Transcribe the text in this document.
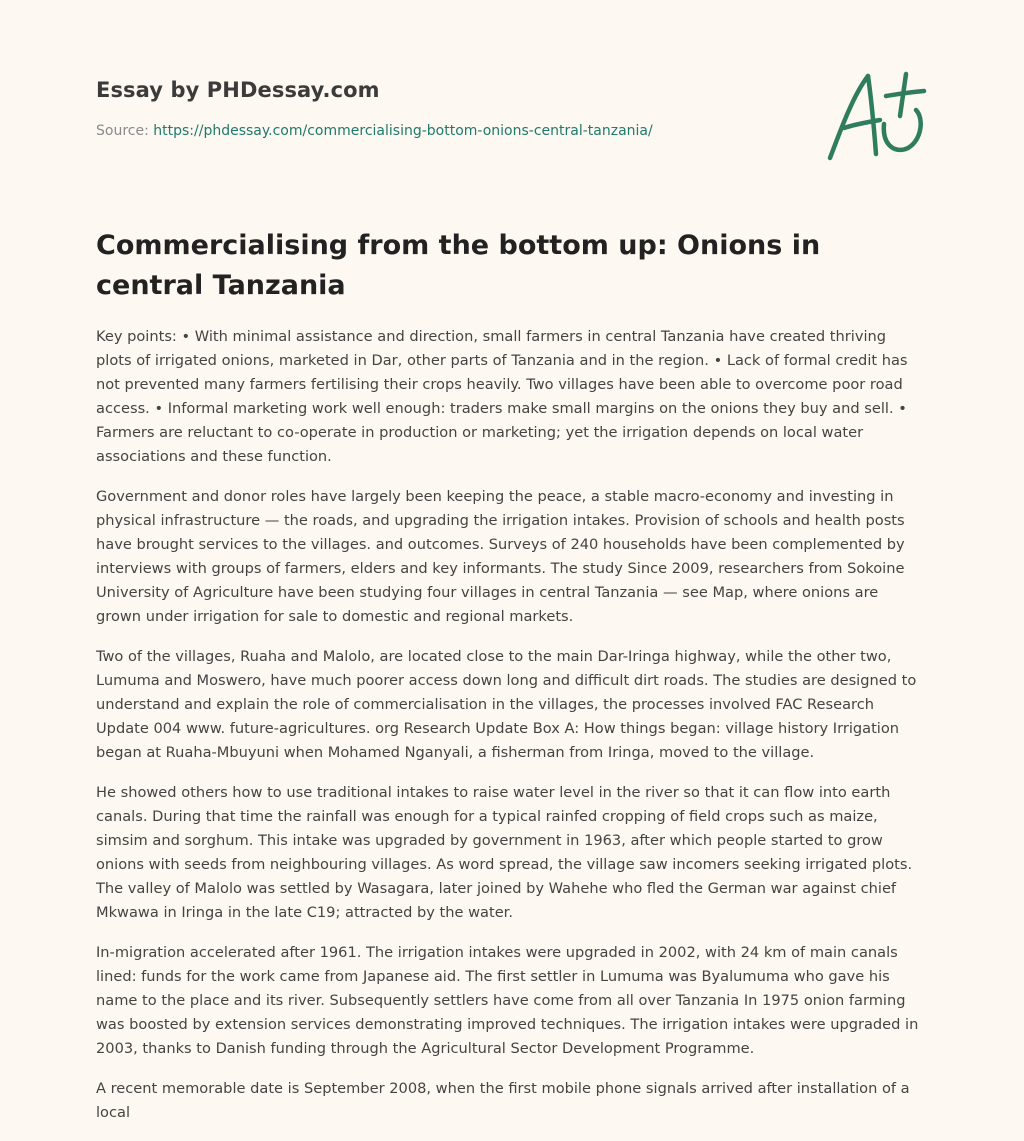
Essay by PHDessay.com
Source: https://phdessay.com/commercialising-bottom-onions-central-tanzania/
Commercialising from the bottom up: Onions in central Tanzania

Key points: • With minimal assistance and direction, small farmers in central Tanzania have created thriving plots of irrigated onions, marketed in Dar, other parts of Tanzania and in the region. • Lack of formal credit has not prevented many farmers fertilising their crops heavily. Two villages have been able to overcome poor road access. • Informal marketing work well enough: traders make small margins on the onions they buy and sell. • Farmers are reluctant to co-operate in production or marketing; yet the irrigation depends on local water associations and these function.

Government and donor roles have largely been keeping the peace, a stable macro-economy and investing in physical infrastructure — the roads, and upgrading the irrigation intakes. Provision of schools and health posts have brought services to the villages. and outcomes. Surveys of 240 households have been complemented by interviews with groups of farmers, elders and key informants. The study Since 2009, researchers from Sokoine University of Agriculture have been studying four villages in central Tanzania — see Map, where onions are grown under irrigation for sale to domestic and regional markets.

Two of the villages, Ruaha and Malolo, are located close to the main Dar-Iringa highway, while the other two, Lumuma and Moswero, have much poorer access down long and difficult dirt roads. The studies are designed to understand and explain the role of commercialisation in the villages, the processes involved FAC Research Update 004 www. future-agricultures. org Research Update Box A: How things began: village history Irrigation began at Ruaha-Mbuyuni when Mohamed Nganyali, a fisherman from Iringa, moved to the village.

He showed others how to use traditional intakes to raise water level in the river so that it can flow into earth canals. During that time the rainfall was enough for a typical rainfed cropping of field crops such as maize, simsim and sorghum. This intake was upgraded by government in 1963, after which people started to grow onions with seeds from neighbouring villages. As word spread, the village saw incomers seeking irrigated plots. The valley of Malolo was settled by Wasagara, later joined by Wahehe who fled the German war against chief Mkwawa in Iringa in the late C19; attracted by the water.

In-migration accelerated after 1961. The irrigation intakes were upgraded in 2002, with 24 km of main canals lined: funds for the work came from Japanese aid. The first settler in Lumuma was Byalumuma who gave his name to the place and its river. Subsequently settlers have come from all over Tanzania In 1975 onion farming was boosted by extension services demonstrating improved techniques. The irrigation intakes were upgraded in 2003, thanks to Danish funding through the Agricultural Sector Development Programme.

A recent memorable date is September 2008, when the first mobile phone signals arrived after installation of a local
